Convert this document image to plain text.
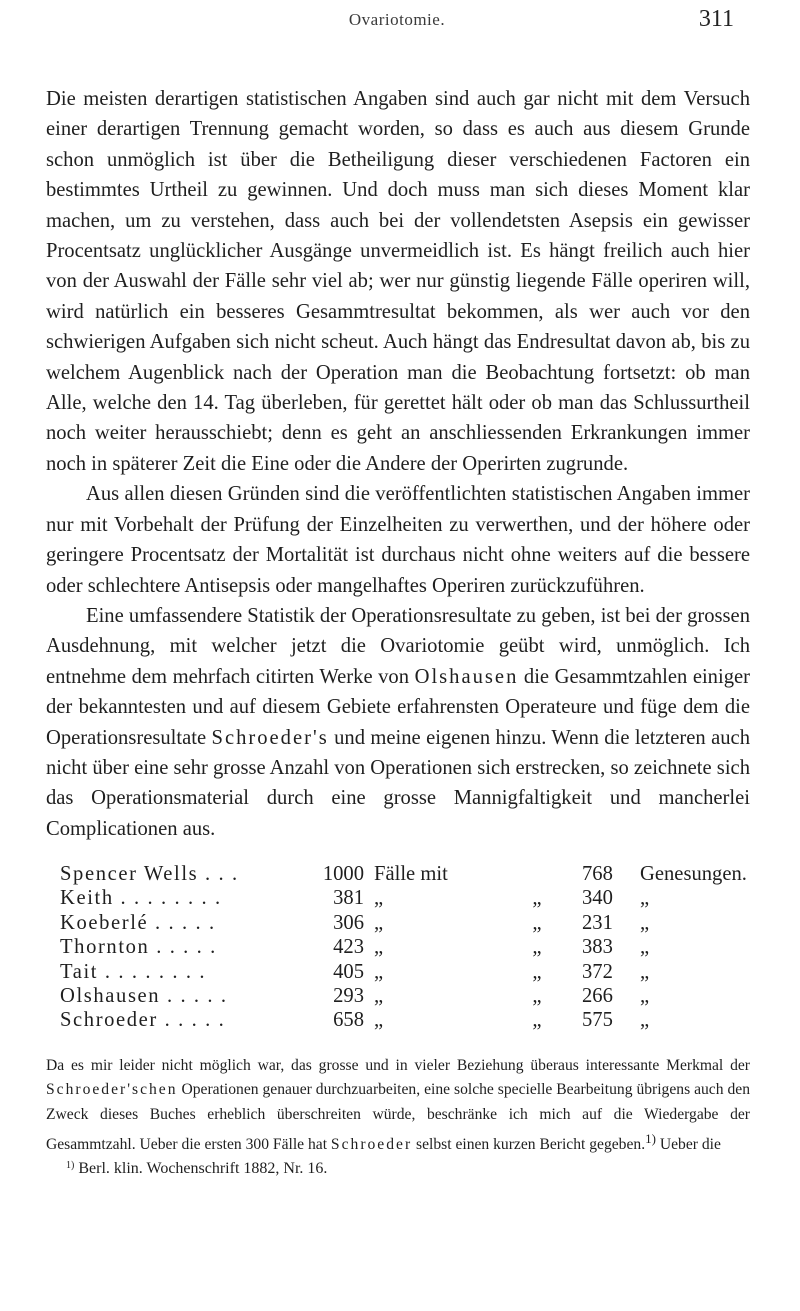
Ovariotomie.	311

Die meisten derartigen statistischen Angaben sind auch gar nicht mit dem Versuch einer derartigen Trennung gemacht worden, so dass es auch aus diesem Grunde schon unmöglich ist über die Betheiligung dieser verschiedenen Factoren ein bestimmtes Urtheil zu gewinnen. Und doch muss man sich dieses Moment klar machen, um zu verstehen, dass auch bei der vollendetsten Asepsis ein gewisser Procentsatz unglücklicher Ausgänge unvermeidlich ist. Es hängt freilich auch hier von der Auswahl der Fälle sehr viel ab; wer nur günstig liegende Fälle operiren will, wird natürlich ein besseres Gesammtresultat bekommen, als wer auch vor den schwierigen Aufgaben sich nicht scheut. Auch hängt das Endresultat davon ab, bis zu welchem Augenblick nach der Operation man die Beobachtung fortsetzt: ob man Alle, welche den 14. Tag überleben, für gerettet hält oder ob man das Schlussurtheil noch weiter herausschiebt; denn es geht an anschliessenden Erkrankungen immer noch in späterer Zeit die Eine oder die Andere der Operirten zugrunde.

Aus allen diesen Gründen sind die veröffentlichten statistischen Angaben immer nur mit Vorbehalt der Prüfung der Einzelheiten zu verwerthen, und der höhere oder geringere Procentsatz der Mortalität ist durchaus nicht ohne weiters auf die bessere oder schlechtere Antisepsis oder mangelhaftes Operiren zurückzuführen.

Eine umfassendere Statistik der Operationsresultate zu geben, ist bei der grossen Ausdehnung, mit welcher jetzt die Ovariotomie geübt wird, unmöglich. Ich entnehme dem mehrfach citirten Werke von Olshausen die Gesammtzahlen einiger der bekanntesten und auf diesem Gebiete erfahrensten Operateure und füge dem die Operationsresultate Schroeder's und meine eigenen hinzu. Wenn die letzteren auch nicht über eine sehr grosse Anzahl von Operationen sich erstrecken, so zeichnete sich das Operationsmaterial durch eine grosse Mannigfaltigkeit und mancherlei Complicationen aus.

Spencer Wells . . .	1000	Fälle mit		768	Genesungen.
Keith . . . . . . . .	381	„	„	340	„
Koeberlé . . . . .	306	„	„	231	„
Thornton . . . . .	423	„	„	383	„
Tait . . . . . . . .	405	„	„	372	„
Olshausen . . . . .	293	„	„	266	„
Schroeder . . . . .	658	„	„	575	„

Da es mir leider nicht möglich war, das grosse und in vieler Beziehung überaus interessante Merkmal der Schroeder'schen Operationen genauer durchzuarbeiten, eine solche specielle Bearbeitung übrigens auch den Zweck dieses Buches erheblich überschreiten würde, beschränke ich mich auf die Wiedergabe der Gesammtzahl. Ueber die ersten 300 Fälle hat Schroeder selbst einen kurzen Bericht gegeben.$^{1)}$ Ueber die

$^{1)}$ Berl. klin. Wochenschrift 1882, Nr. 16.
